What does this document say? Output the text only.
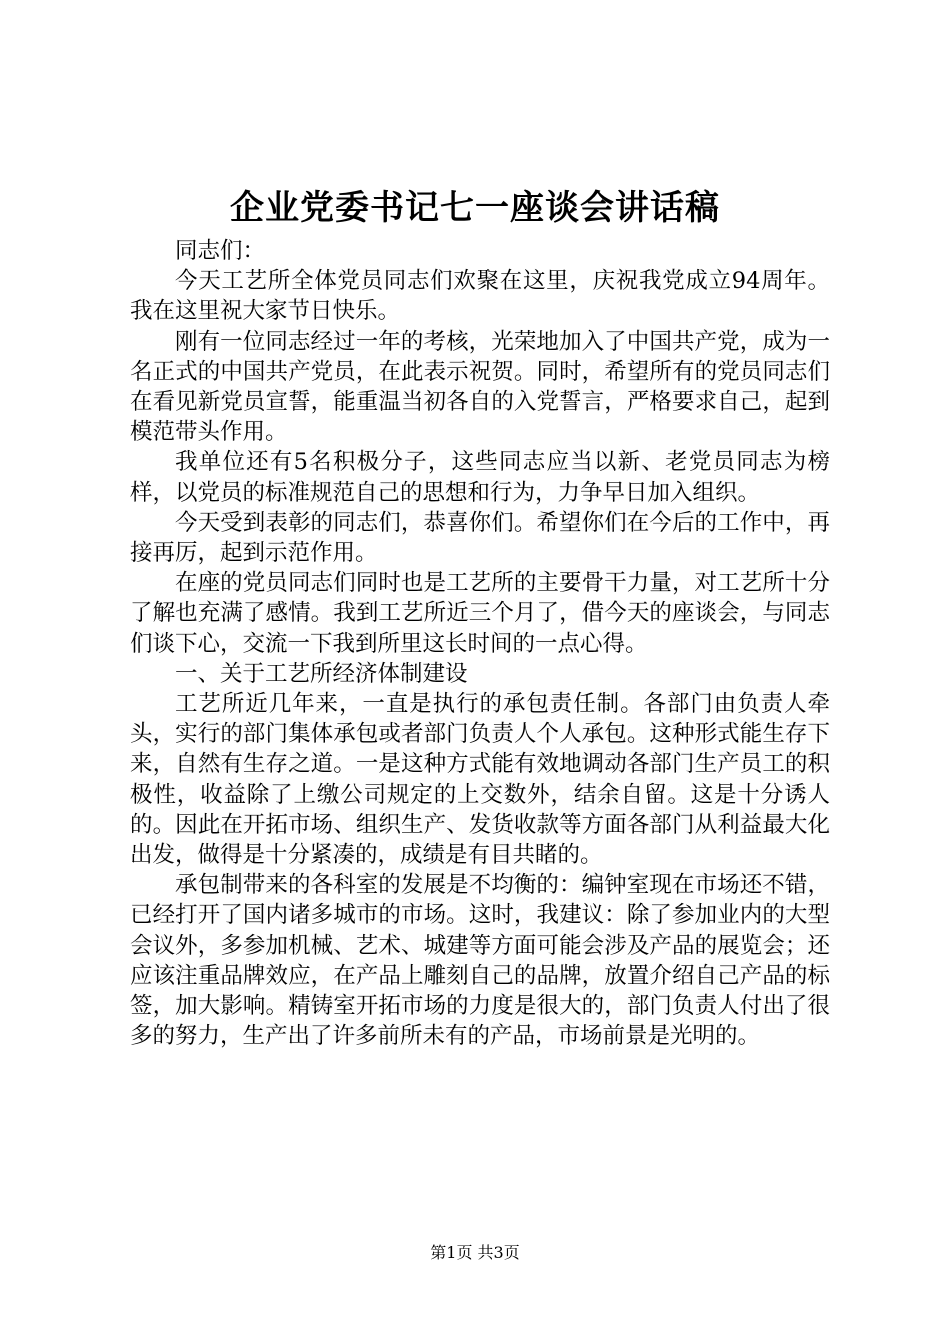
企业党委书记七一座谈会讲话稿

同志们：

今天工艺所全体党员同志们欢聚在这里，庆祝我党成立94周年。我在这里祝大家节日快乐。

刚有一位同志经过一年的考核，光荣地加入了中国共产党，成为一名正式的中国共产党员，在此表示祝贺。同时，希望所有的党员同志们在看见新党员宣誓，能重温当初各自的入党誓言，严格要求自己，起到模范带头作用。

我单位还有5名积极分子，这些同志应当以新、老党员同志为榜样，以党员的标准规范自己的思想和行为，力争早日加入组织。

今天受到表彰的同志们，恭喜你们。希望你们在今后的工作中，再接再厉，起到示范作用。

在座的党员同志们同时也是工艺所的主要骨干力量，对工艺所十分了解也充满了感情。我到工艺所近三个月了，借今天的座谈会，与同志们谈下心，交流一下我到所里这长时间的一点心得。

一、关于工艺所经济体制建设

工艺所近几年来，一直是执行的承包责任制。各部门由负责人牵头，实行的部门集体承包或者部门负责人个人承包。这种形式能生存下来，自然有生存之道。一是这种方式能有效地调动各部门生产员工的积极性，收益除了上缴公司规定的上交数外，结余自留。这是十分诱人的。因此在开拓市场、组织生产、发货收款等方面各部门从利益最大化出发，做得是十分紧凑的，成绩是有目共睹的。

承包制带来的各科室的发展是不均衡的：编钟室现在市场还不错，已经打开了国内诸多城市的市场。这时，我建议：除了参加业内的大型会议外，多参加机械、艺术、城建等方面可能会涉及产品的展览会；还应该注重品牌效应，在产品上雕刻自己的品牌，放置介绍自己产品的标签，加大影响。精铸室开拓市场的力度是很大的，部门负责人付出了很多的努力，生产出了许多前所未有的产品，市场前景是光明的。

第1页 共3页
